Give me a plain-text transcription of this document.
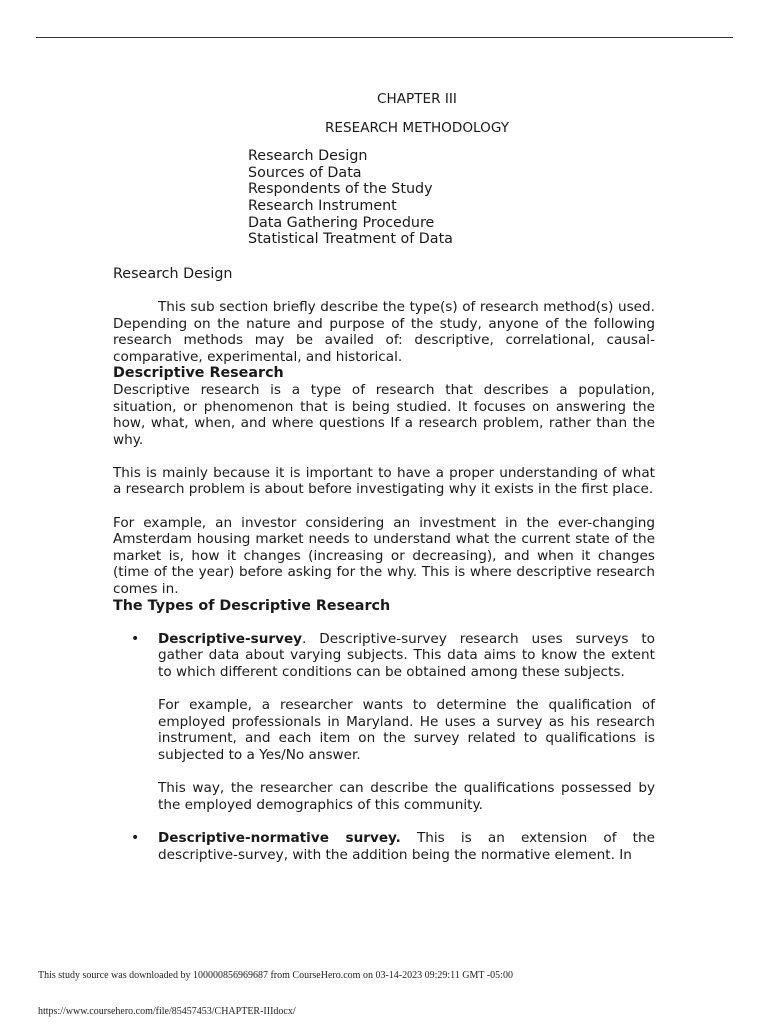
CHAPTER III

RESEARCH METHODOLOGY

Research Design
Sources of Data
Respondents of the Study
Research Instrument
Data Gathering Procedure
Statistical Treatment of Data
Research Design

This sub section briefly describe the type(s) of research method(s) used. Depending on the nature and purpose of the study, anyone of the following research methods may be availed of: descriptive, correlational, causal-comparative, experimental, and historical.

Descriptive Research

Descriptive research is a type of research that describes a population, situation, or phenomenon that is being studied. It focuses on answering the how, what, when, and where questions If a research problem, rather than the why.

This is mainly because it is important to have a proper understanding of what a research problem is about before investigating why it exists in the first place.

For example, an investor considering an investment in the ever-changing Amsterdam housing market needs to understand what the current state of the market is, how it changes (increasing or decreasing), and when it changes (time of the year) before asking for the why. This is where descriptive research comes in.

The Types of Descriptive Research
• Descriptive-survey. Descriptive-survey research uses surveys to gather data about varying subjects. This data aims to know the extent to which different conditions can be obtained among these subjects.

For example, a researcher wants to determine the qualification of employed professionals in Maryland. He uses a survey as his research instrument, and each item on the survey related to qualifications is subjected to a Yes/No answer.

This way, the researcher can describe the qualifications possessed by the employed demographics of this community.

• Descriptive-normative survey. This is an extension of the descriptive-survey, with the addition being the normative element. In

This study source was downloaded by 100000856969687 from CourseHero.com on 03-14-2023 09:29:11 GMT -05:00
https://www.coursehero.com/file/85457453/CHAPTER-IIIdocx/
